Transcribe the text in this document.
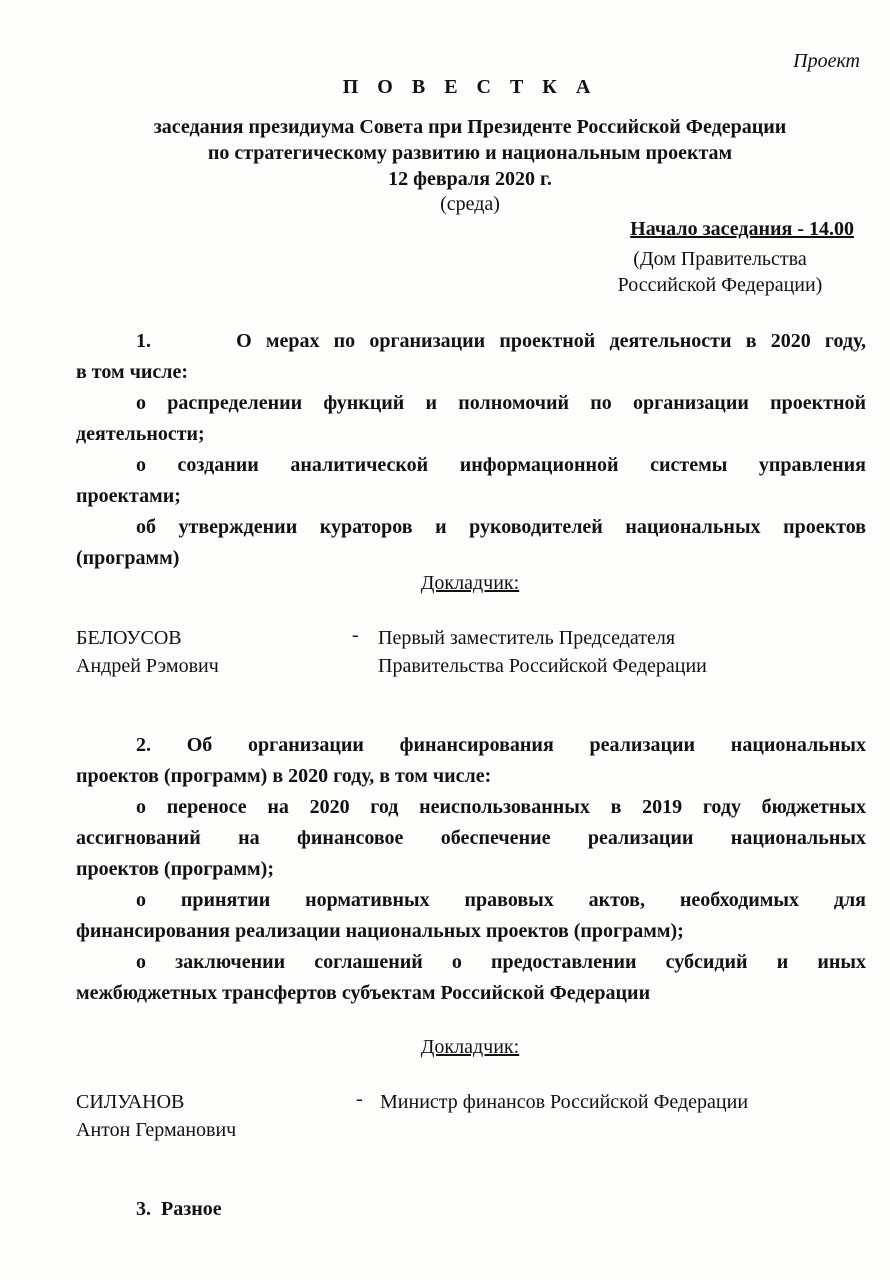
Проект
П О В Е С Т К А
заседания президиума Совета при Президенте Российской Федерации
по стратегическому развитию и национальным проектам
12 февраля 2020 г.
(среда)
Начало заседания - 14.00
(Дом Правительства
Российской Федерации)
1.      О мерах по организации проектной деятельности в 2020 году,
в том числе:
о распределении функций и полномочий по организации проектной
деятельности;
о создании аналитической информационной системы управления
проектами;
об утверждении кураторов и руководителей национальных проектов
(программ)
Докладчик:
БЕЛОУСОВ
Андрей Рэмович
- Первый заместитель Председателя
Правительства Российской Федерации
2. Об организации финансирования реализации национальных
проектов (программ) в 2020 году, в том числе:
о переносе на 2020 год неиспользованных в 2019 году бюджетных
ассигнований на финансовое обеспечение реализации национальных
проектов (программ);
о принятии нормативных правовых актов, необходимых для
финансирования реализации национальных проектов (программ);
о заключении соглашений о предоставлении субсидий и иных
межбюджетных трансфертов субъектам Российской Федерации
Докладчик:
СИЛУАНОВ
Антон Германович
- Министр финансов Российской Федерации
3.  Разное
